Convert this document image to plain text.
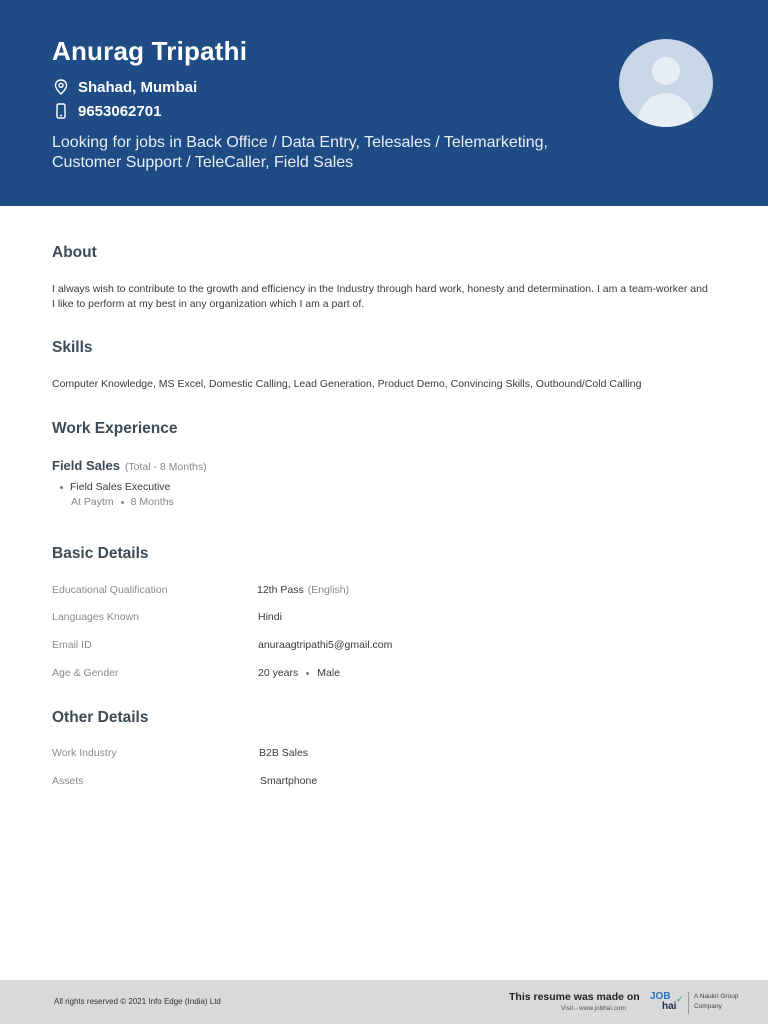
Anurag Tripathi
Shahad, Mumbai
9653062701
Looking for jobs in Back Office / Data Entry, Telesales / Telemarketing, Customer Support / TeleCaller, Field Sales
About
I always wish to contribute to the growth and efficiency in the Industry through hard work, honesty and determination. I am a team-worker and I like to perform at my best in any organization which I am a part of.
Skills
Computer Knowledge, MS Excel, Domestic Calling, Lead Generation, Product Demo, Convincing Skills, Outbound/Cold Calling
Work Experience
Field Sales (Total - 8 Months)
Field Sales Executive
At Paytm 8 Months
Basic Details
Educational Qualification	12th Pass (English)
Languages Known	Hindi
Email ID	anuraagtripathi5@gmail.com
Age & Gender	20 years Male
Other Details
Work Industry	B2B Sales
Assets	Smartphone
All rights reserved © 2021 Info Edge (India) Ltd	This resume was made on
Visit - www.jobhai.com
JOB
hai
✓ A Naukri Group Company
